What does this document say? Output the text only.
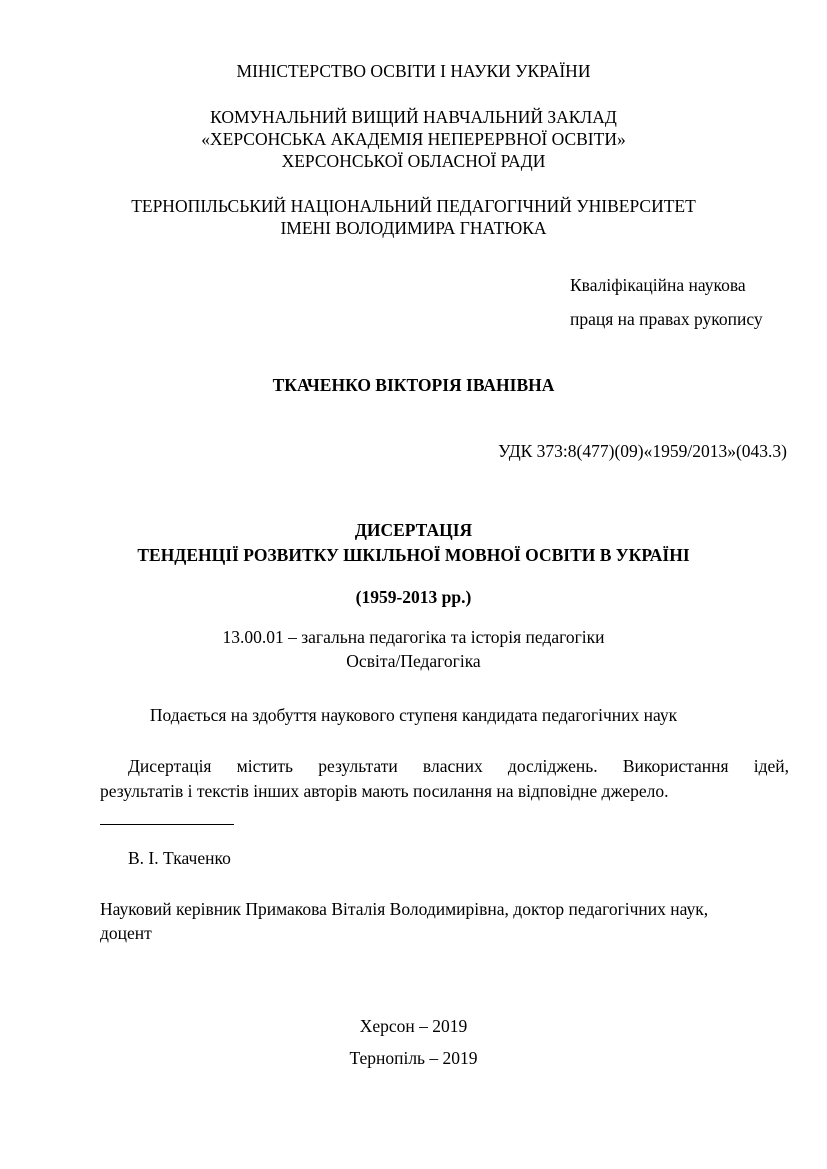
МІНІСТЕРСТВО ОСВІТИ І НАУКИ УКРАЇНИ
КОМУНАЛЬНИЙ ВИЩИЙ НАВЧАЛЬНИЙ ЗАКЛАД
«ХЕРСОНСЬКА АКАДЕМІЯ НЕПЕРЕРВНОЇ ОСВІТИ»
ХЕРСОНСЬКОЇ ОБЛАСНОЇ РАДИ
ТЕРНОПІЛЬСЬКИЙ НАЦІОНАЛЬНИЙ ПЕДАГОГІЧНИЙ УНІВЕРСИТЕТ
ІМЕНІ ВОЛОДИМИРА ГНАТЮКА
Кваліфікаційна наукова
праця на правах рукопису
ТКАЧЕНКО ВІКТОРІЯ ІВАНІВНА
УДК 373:8(477)(09)«1959/2013»(043.3)
ДИСЕРТАЦІЯ
ТЕНДЕНЦІЇ РОЗВИТКУ ШКІЛЬНОЇ МОВНОЇ ОСВІТИ В УКРАЇНІ
(1959-2013 рр.)
13.00.01 – загальна педагогіка та історія педагогіки
Освіта/Педагогіка
Подається на здобуття наукового ступеня кандидата педагогічних наук
Дисертація містить результати власних досліджень. Використання ідей,
результатів і текстів інших авторів мають посилання на відповідне джерело.
В. І. Ткаченко
Науковий керівник Примакова Віталія Володимирівна, доктор педагогічних наук,
доцент
Херсон – 2019
Тернопіль – 2019
